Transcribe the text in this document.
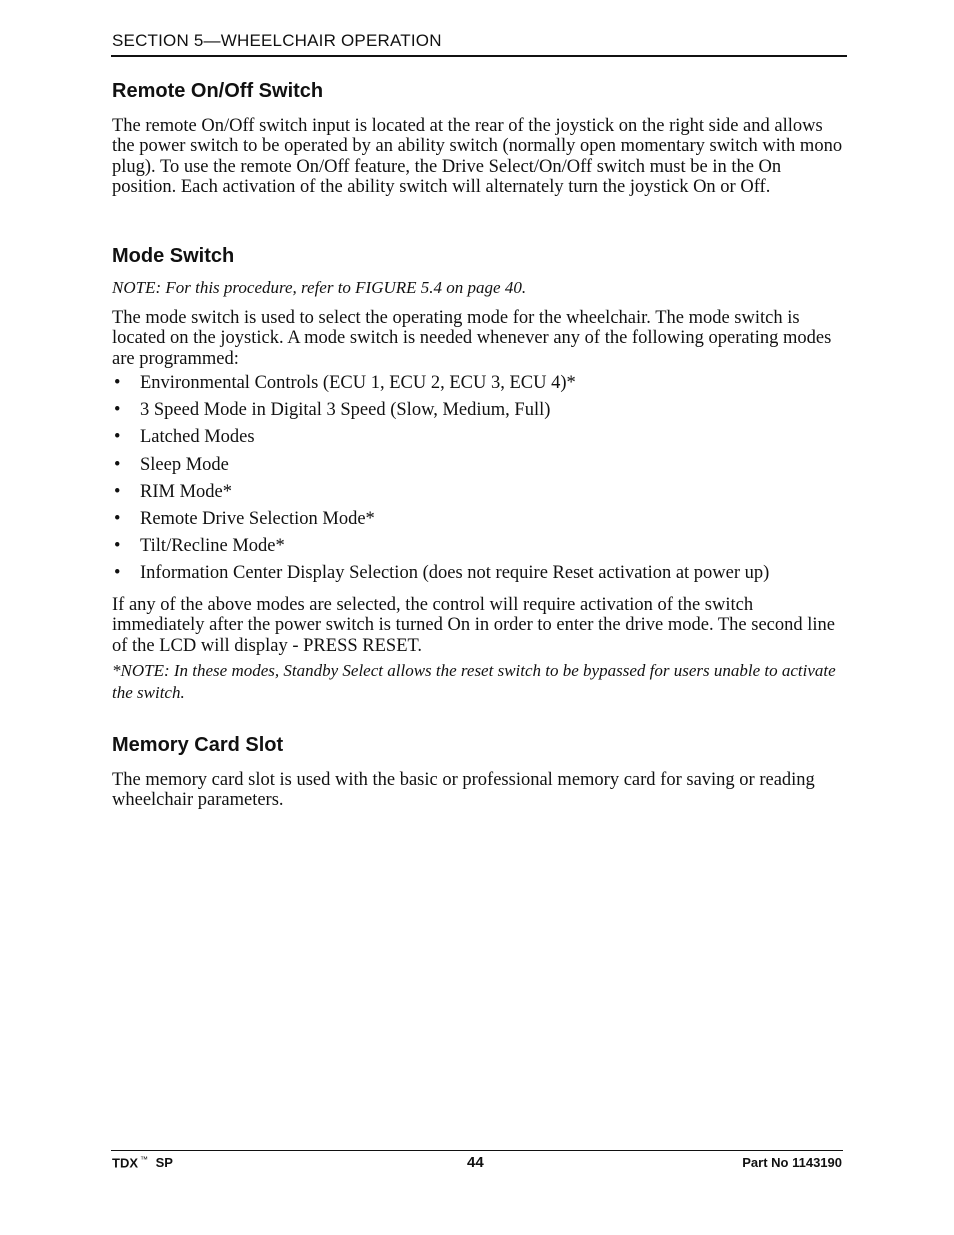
SECTION 5—WHEELCHAIR OPERATION
Remote On/Off Switch

The remote On/Off switch input is located at the rear of the joystick on the right side and allows the power switch to be operated by an ability switch (normally open momentary switch with mono plug). To use the remote On/Off feature, the Drive Select/On/Off switch must be in the On position. Each activation of the ability switch will alternately turn the joystick On or Off.

Mode Switch

NOTE: For this procedure, refer to FIGURE 5.4 on page 40.

The mode switch is used to select the operating mode for the wheelchair. The mode switch is located on the joystick. A mode switch is needed whenever any of the following operating modes are programmed:

• Environmental Controls (ECU 1, ECU 2, ECU 3, ECU 4)*
• 3 Speed Mode in Digital 3 Speed (Slow, Medium, Full)
• Latched Modes
• Sleep Mode
• RIM Mode*
• Remote Drive Selection Mode*
• Tilt/Recline Mode*
• Information Center Display Selection (does not require Reset activation at power up)

If any of the above modes are selected, the control will require activation of the switch immediately after the power switch is turned On in order to enter the drive mode. The second line of the LCD will display - PRESS RESET.

*NOTE: In these modes, Standby Select allows the reset switch to be bypassed for users unable to activate the switch.

Memory Card Slot

The memory card slot is used with the basic or professional memory card for saving or reading wheelchair parameters.

TDX ™ SP	44	Part No 1143190
